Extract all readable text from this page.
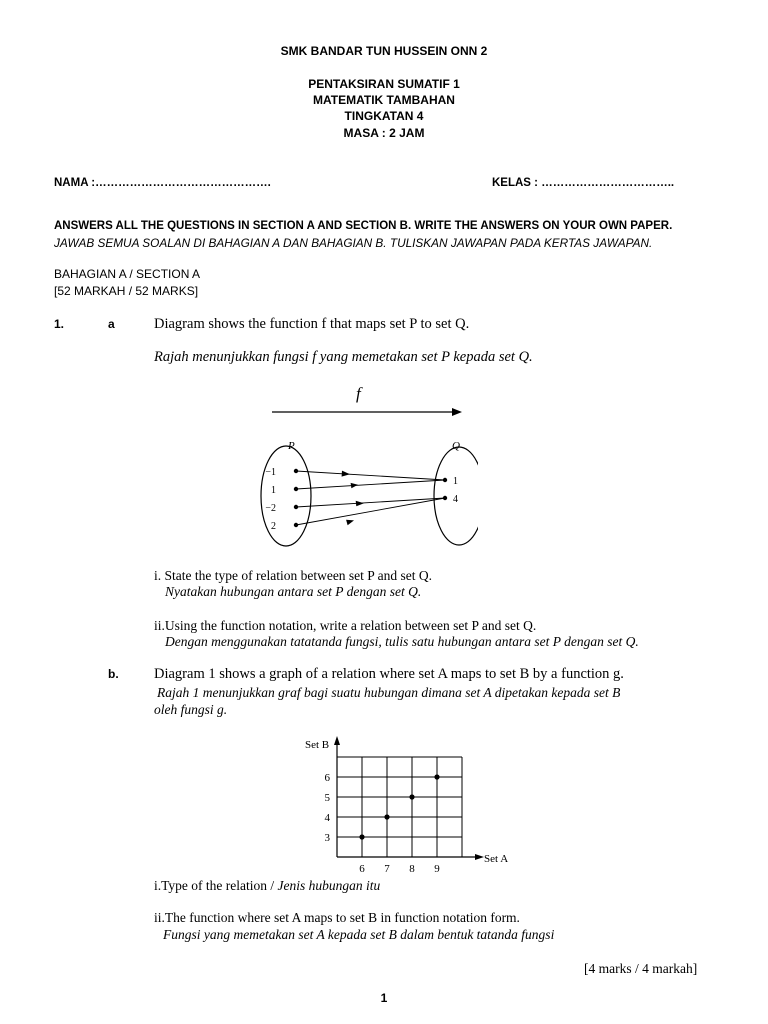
SMK BANDAR TUN HUSSEIN ONN 2
PENTAKSIRAN SUMATIF 1
MATEMATIK TAMBAHAN
TINGKATAN 4
MASA : 2 JAM
NAMA :……………………………………….	KELAS : ……………………………..
ANSWERS ALL THE QUESTIONS IN SECTION A AND SECTION B. WRITE THE ANSWERS ON YOUR OWN PAPER.
JAWAB SEMUA SOALAN DI BAHAGIAN A DAN BAHAGIAN B. TULISKAN JAWAPAN PADA KERTAS JAWAPAN.
BAHAGIAN A / SECTION A
[52 MARKAH / 52 MARKS]
1.	a	Diagram shows the function f that maps set P to set Q.
Rajah menunjukkan fungsi f yang memetakan set P kepada set Q.
f
P	Q
−1
1
−2
2
1
4
i. State the type of relation between set P and set Q.
Nyatakan hubungan antara set P dengan set Q.
ii.Using the function notation, write a relation between set P and set Q.
Dengan menggunakan tatatanda fungsi, tulis satu hubungan antara set P dengan set Q.
b. Diagram 1 shows a graph of a relation where set A maps to set B by a function g.
Rajah 1 menunjukkan graf bagi suatu hubungan dimana set A dipetakan kepada set B
oleh fungsi g.
Set B
Set A
6 7 8 9
3
4
5
6
i.Type of the relation / Jenis hubungan itu
ii.The function where set A maps to set B in function notation form.
Fungsi yang memetakan set A kepada set B dalam bentuk tatanda fungsi
[4 marks / 4 markah]
1
